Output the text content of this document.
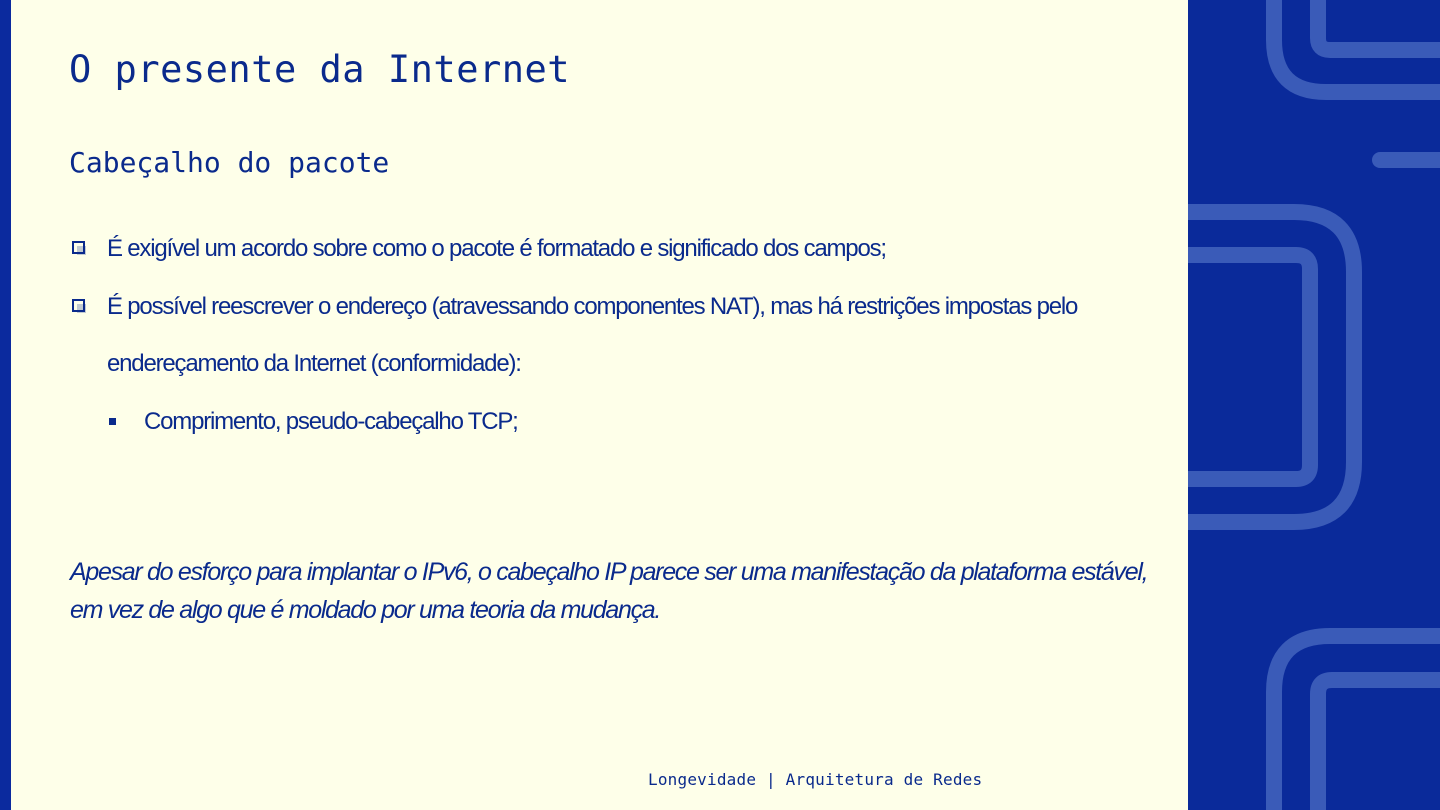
O presente da Internet
Cabeçalho do pacote
É exigível um acordo sobre como o pacote é formatado e significado dos campos;
É possível reescrever o endereço (atravessando componentes NAT), mas há restrições impostas pelo endereçamento da Internet (conformidade):
Comprimento, pseudo-cabeçalho TCP;

Apesar do esforço para implantar o IPv6, o cabeçalho IP parece ser uma manifestação da plataforma estável, em vez de algo que é moldado por uma teoria da mudança.

Longevidade | Arquitetura de Redes
